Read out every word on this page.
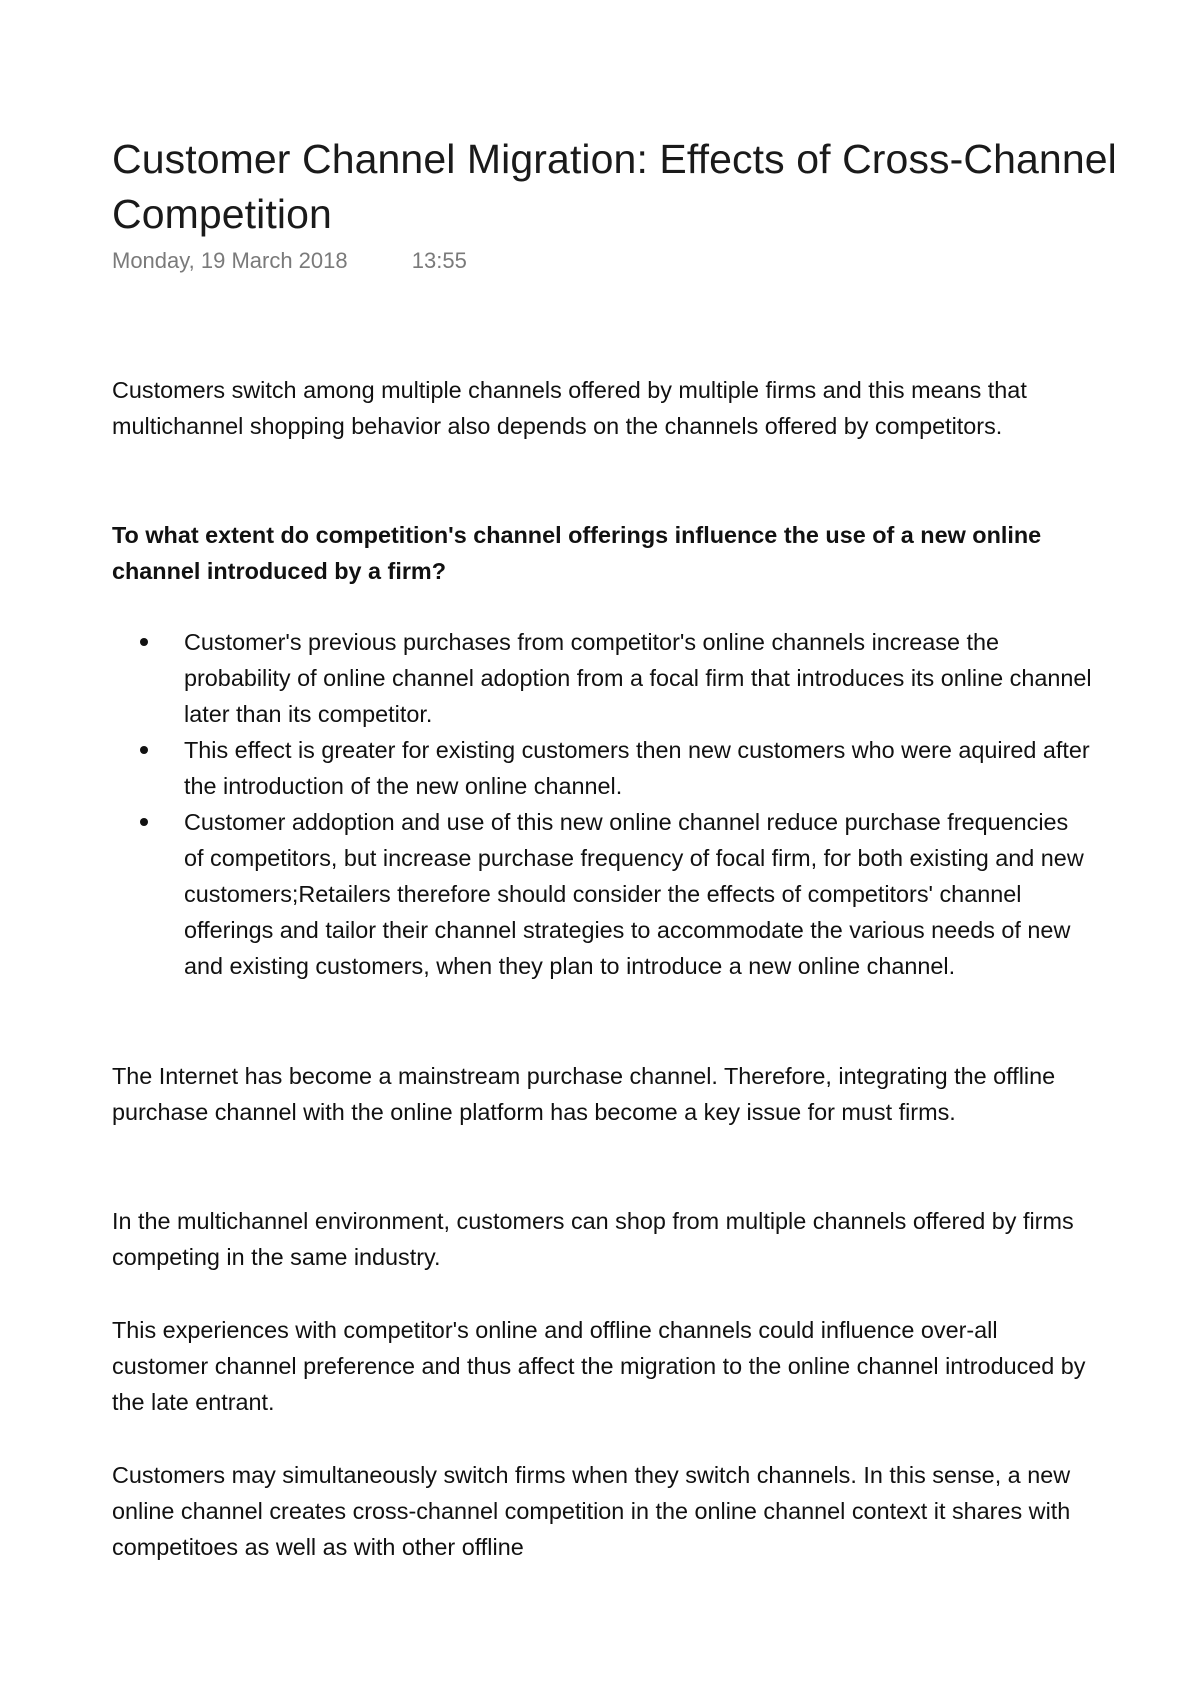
Customer Channel Migration: Effects of Cross-Channel Competition
Monday, 19 March 2018	13:55

Customers switch among multiple channels offered by multiple firms and this means that multichannel shopping behavior also depends on the channels offered by competitors.

To what extent do competition's channel offerings influence the use of a new online channel introduced by a firm?

Customer's previous purchases from competitor's online channels increase the probability of online channel adoption from a focal firm that introduces its online channel later than its competitor.
This effect is greater for existing customers then new customers who were aquired after the introduction of the new online channel.
Customer addoption and use of this new online channel reduce purchase frequencies of competitors, but increase purchase frequency of focal firm, for both existing and new customers;Retailers therefore should consider the effects of competitors' channel offerings and tailor their channel strategies to accommodate the various needs of new and existing customers, when they plan to introduce a new online channel.

The Internet has become a mainstream purchase channel. Therefore, integrating the offline purchase channel with the online platform has become a key issue for must firms.

In the multichannel environment, customers can shop from multiple channels offered by firms competing in the same industry.

This experiences with competitor's online and offline channels could influence over-all customer channel preference and thus affect the migration to the online channel introduced by the late entrant.

Customers may simultaneously switch firms when they switch channels. In this sense, a new online channel creates cross-channel competition in the online channel context it shares with competitoes as well as with other offline
